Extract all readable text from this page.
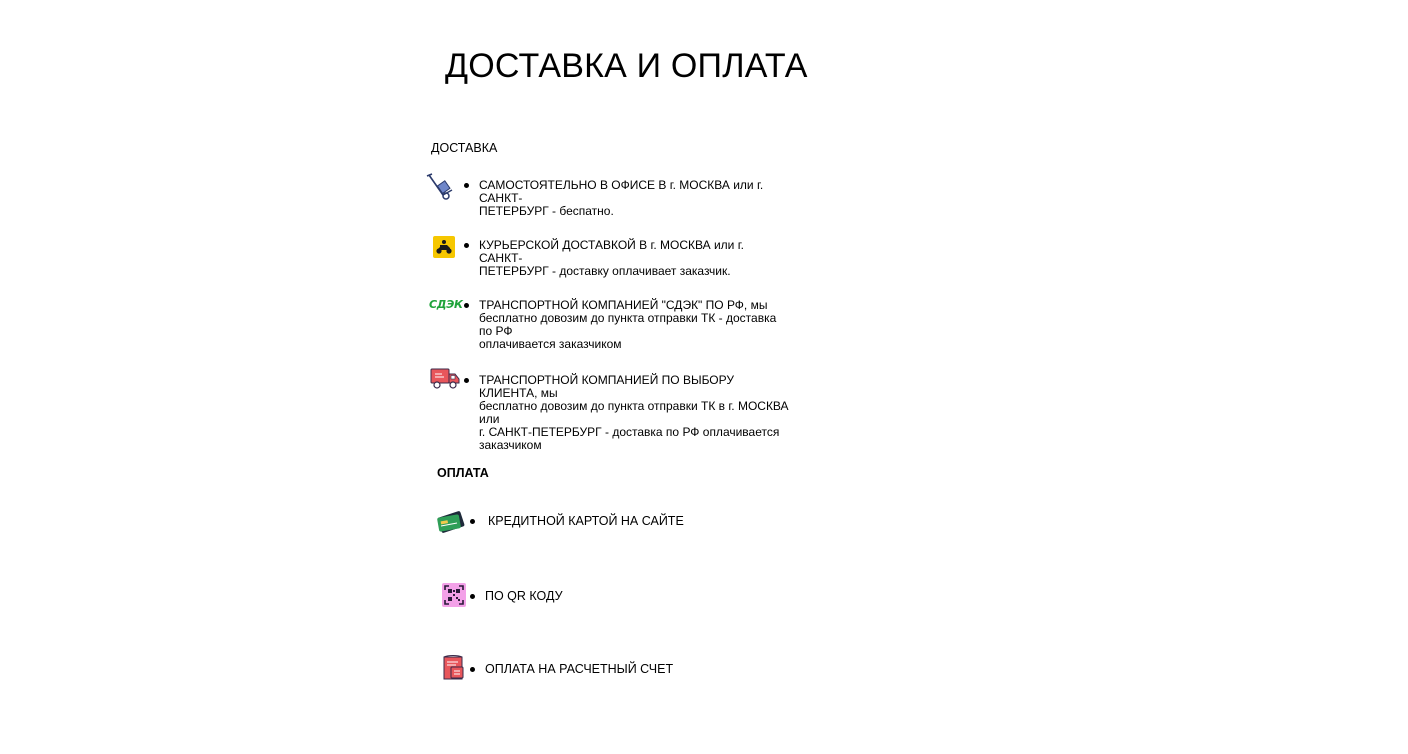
ДОСТАВКА И ОПЛАТА
ДОСТАВКА
САМОСТОЯТЕЛЬНО В ОФИСЕ В г. МОСКВА или г. САНКТ-
ПЕТЕРБУРГ - беспатно.
КУРЬЕРСКОЙ ДОСТАВКОЙ В г. МОСКВА или г. САНКТ-
ПЕТЕРБУРГ - доставку оплачивает заказчик.
СДЭК ТРАНСПОРТНОЙ КОМПАНИЕЙ "СДЭК" ПО РФ, мы
бесплатно довозим до пункта отправки ТК - доставка по РФ
оплачивается заказчиком
ТРАНСПОРТНОЙ КОМПАНИЕЙ ПО ВЫБОРУ КЛИЕНТА, мы
бесплатно довозим до пункта отправки ТК в г. МОСКВА или
г. САНКТ-ПЕТЕРБУРГ - доставка по РФ оплачивается
заказчиком
ОПЛАТА
КРЕДИТНОЙ КАРТОЙ НА САЙТЕ
ПО QR КОДУ
ОПЛАТА НА РАСЧЕТНЫЙ СЧЕТ
